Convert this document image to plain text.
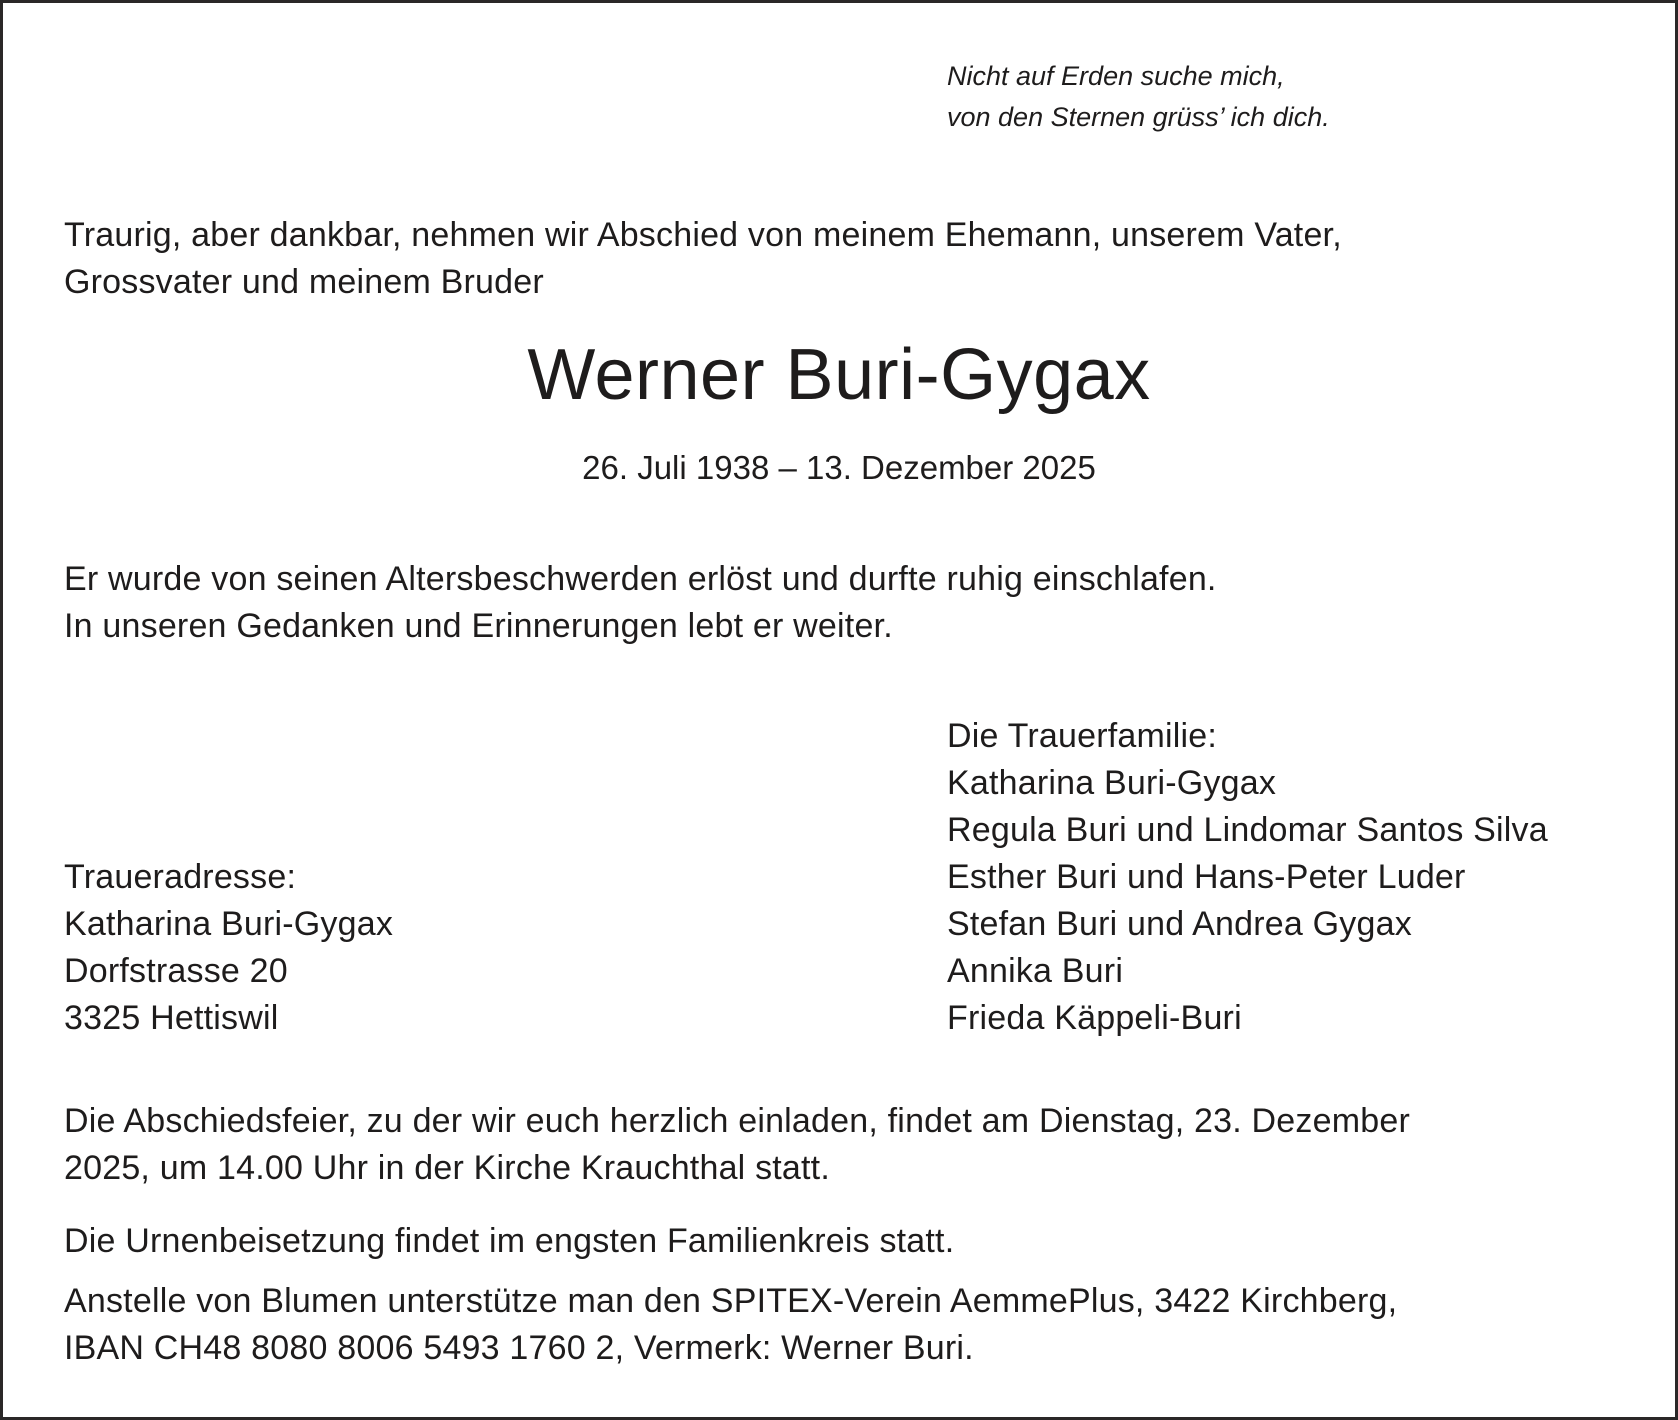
Nicht auf Erden suche mich,
von den Sternen grüss’ ich dich.
Traurig, aber dankbar, nehmen wir Abschied von meinem Ehemann, unserem Vater,
Grossvater und meinem Bruder
Werner Buri-Gygax
26. Juli 1938 – 13. Dezember 2025
Er wurde von seinen Altersbeschwerden erlöst und durfte ruhig einschlafen.
In unseren Gedanken und Erinnerungen lebt er weiter.
Die Trauerfamilie:
Katharina Buri-Gygax
Regula Buri und Lindomar Santos Silva
Esther Buri und Hans-Peter Luder
Stefan Buri und Andrea Gygax
Annika Buri
Frieda Käppeli-Buri
Traueradresse:
Katharina Buri-Gygax
Dorfstrasse 20
3325 Hettiswil
Die Abschiedsfeier, zu der wir euch herzlich einladen, findet am Dienstag, 23. Dezember
2025, um 14.00 Uhr in der Kirche Krauchthal statt.
Die Urnenbeisetzung findet im engsten Familienkreis statt.
Anstelle von Blumen unterstütze man den SPITEX-Verein AemmePlus, 3422 Kirchberg,
IBAN CH48 8080 8006 5493 1760 2, Vermerk: Werner Buri.
